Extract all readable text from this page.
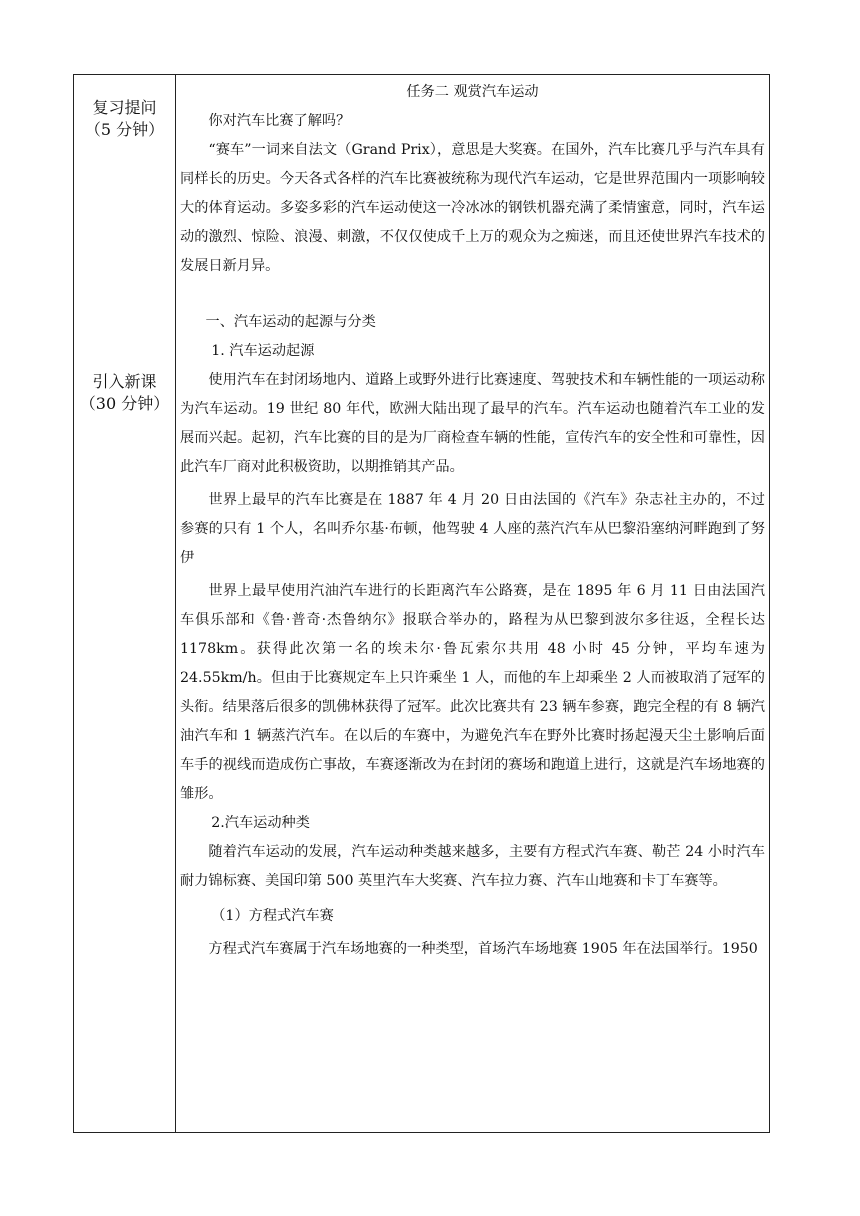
复习提问
（5 分钟）
引入新课
（30 分钟）

任务二 观赏汽车运动

你对汽车比赛了解吗？

“赛车”一词来自法文（Grand Prix），意思是大奖赛。在国外，汽车比赛几乎与汽车具有同样长的历史。今天各式各样的汽车比赛被统称为现代汽车运动，它是世界范围内一项影响较大的体育运动。多姿多彩的汽车运动使这一冷冰冰的钢铁机器充满了柔情蜜意，同时，汽车运动的激烈、惊险、浪漫、刺激，不仅仅使成千上万的观众为之痴迷，而且还使世界汽车技术的发展日新月异。

一、汽车运动的起源与分类

1. 汽车运动起源

使用汽车在封闭场地内、道路上或野外进行比赛速度、驾驶技术和车辆性能的一项运动称为汽车运动。19 世纪 80 年代，欧洲大陆出现了最早的汽车。汽车运动也随着汽车工业的发展而兴起。起初，汽车比赛的目的是为厂商检查车辆的性能，宣传汽车的安全性和可靠性，因此汽车厂商对此积极资助，以期推销其产品。

世界上最早的汽车比赛是在 1887 年 4 月 20 日由法国的《汽车》杂志社主办的，不过参赛的只有 1 个人，名叫乔尔基·布顿，他驾驶 4 人座的蒸汽汽车从巴黎沿塞纳河畔跑到了努伊

世界上最早使用汽油汽车进行的长距离汽车公路赛，是在 1895 年 6 月 11 日由法国汽车俱乐部和《鲁·普奇·杰鲁纳尔》报联合举办的，路程为从巴黎到波尔多往返，全程长达 1178km。获得此次第一名的埃未尔·鲁瓦索尔共用 48 小时 45 分钟，平均车速为 24.55km/h。但由于比赛规定车上只许乘坐 1 人，而他的车上却乘坐 2 人而被取消了冠军的头衔。结果落后很多的凯佛林获得了冠军。此次比赛共有 23 辆车参赛，跑完全程的有 8 辆汽油汽车和 1 辆蒸汽汽车。在以后的车赛中，为避免汽车在野外比赛时扬起漫天尘土影响后面车手的视线而造成伤亡事故，车赛逐渐改为在封闭的赛场和跑道上进行，这就是汽车场地赛的雏形。

2.汽车运动种类

随着汽车运动的发展，汽车运动种类越来越多，主要有方程式汽车赛、勒芒 24 小时汽车耐力锦标赛、美国印第 500 英里汽车大奖赛、汽车拉力赛、汽车山地赛和卡丁车赛等。

（1）方程式汽车赛

方程式汽车赛属于汽车场地赛的一种类型，首场汽车场地赛 1905 年在法国举行。1950
